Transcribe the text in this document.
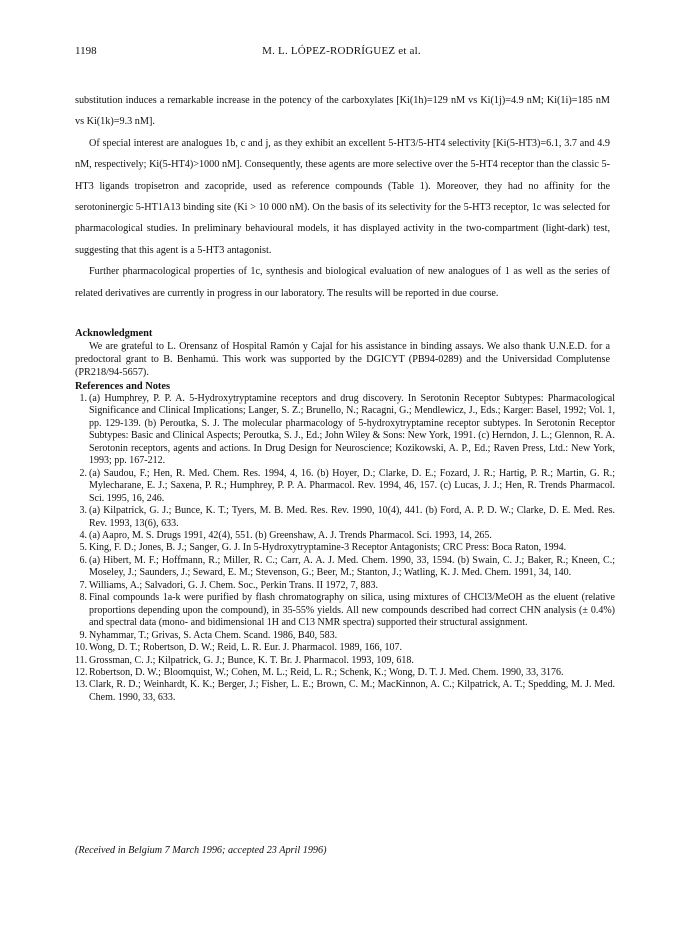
1198	M. L. LÓPEZ-RODRÍGUEZ et al.

substitution induces a remarkable increase in the potency of the carboxylates [Ki(1h)=129 nM vs Ki(1j)=4.9 nM; Ki(1i)=185 nM vs Ki(1k)=9.3 nM].

Of special interest are analogues 1b, c and j, as they exhibit an excellent 5-HT3/5-HT4 selectivity [Ki(5-HT3)=6.1, 3.7 and 4.9 nM, respectively; Ki(5-HT4)>1000 nM]. Consequently, these agents are more selective over the 5-HT4 receptor than the classic 5-HT3 ligands tropisetron and zacopride, used as reference compounds (Table 1). Moreover, they had no affinity for the serotoninergic 5-HT1A13 binding site (Ki > 10 000 nM). On the basis of its selectivity for the 5-HT3 receptor, 1c was selected for pharmacological studies. In preliminary behavioural models, it has displayed activity in the two-compartment (light-dark) test, suggesting that this agent is a 5-HT3 antagonist.

Further pharmacological properties of 1c, synthesis and biological evaluation of new analogues of 1 as well as the series of related derivatives are currently in progress in our laboratory. The results will be reported in due course.

Acknowledgment
We are grateful to L. Orensanz of Hospital Ramón y Cajal for his assistance in binding assays. We also thank U.N.E.D. for a predoctoral grant to B. Benhamú. This work was supported by the DGICYT (PB94-0289) and the Universidad Complutense (PR218/94-5657).
References and Notes
1. (a) Humphrey, P. P. A. 5-Hydroxytryptamine receptors and drug discovery. In Serotonin Receptor Subtypes: Pharmacological Significance and Clinical Implications; Langer, S. Z.; Brunello, N.; Racagni, G.; Mendlewicz, J., Eds.; Karger: Basel, 1992; Vol. 1, pp. 129-139. (b) Peroutka, S. J. The molecular pharmacology of 5-hydroxytryptamine receptor subtypes. In Serotonin Receptor Subtypes: Basic and Clinical Aspects; Peroutka, S. J., Ed.; John Wiley & Sons: New York, 1991. (c) Herndon, J. L.; Glennon, R. A. Serotonin receptors, agents and actions. In Drug Design for Neuroscience; Kozikowski, A. P., Ed.; Raven Press, Ltd.: New York, 1993; pp. 167-212.
2. (a) Saudou, F.; Hen, R. Med. Chem. Res. 1994, 4, 16. (b) Hoyer, D.; Clarke, D. E.; Fozard, J. R.; Hartig, P. R.; Martin, G. R.; Mylecharane, E. J.; Saxena, P. R.; Humphrey, P. P. A. Pharmacol. Rev. 1994, 46, 157. (c) Lucas, J. J.; Hen, R. Trends Pharmacol. Sci. 1995, 16, 246.
3. (a) Kilpatrick, G. J.; Bunce, K. T.; Tyers, M. B. Med. Res. Rev. 1990, 10(4), 441. (b) Ford, A. P. D. W.; Clarke, D. E. Med. Res. Rev. 1993, 13(6), 633.
4. (a) Aapro, M. S. Drugs 1991, 42(4), 551. (b) Greenshaw, A. J. Trends Pharmacol. Sci. 1993, 14, 265.
5. King, F. D.; Jones, B. J.; Sanger, G. J. In 5-Hydroxytryptamine-3 Receptor Antagonists; CRC Press: Boca Raton, 1994.
6. (a) Hibert, M. F.; Hoffmann, R.; Miller, R. C.; Carr, A. A. J. Med. Chem. 1990, 33, 1594. (b) Swain, C. J.; Baker, R.; Kneen, C.; Moseley, J.; Saunders, J.; Seward, E. M.; Stevenson, G.; Beer, M.; Stanton, J.; Watling, K. J. Med. Chem. 1991, 34, 140.
7. Williams, A.; Salvadori, G. J. Chem. Soc., Perkin Trans. II 1972, 7, 883.
8. Final compounds 1a-k were purified by flash chromatography on silica, using mixtures of CHCl3/MeOH as the eluent (relative proportions depending upon the compound), in 35-55% yields. All new compounds described had correct CHN analysis (± 0.4%) and spectral data (mono- and bidimensional 1H and C13 NMR spectra) supported their structural assignment.
9. Nyhammar, T.; Grivas, S. Acta Chem. Scand. 1986, B40, 583.
10. Wong, D. T.; Robertson, D. W.; Reid, L. R. Eur. J. Pharmacol. 1989, 166, 107.
11. Grossman, C. J.; Kilpatrick, G. J.; Bunce, K. T. Br. J. Pharmacol. 1993, 109, 618.
12. Robertson, D. W.; Bloomquist, W.; Cohen, M. L.; Reid, L. R.; Schenk, K.; Wong, D. T. J. Med. Chem. 1990, 33, 3176.
13. Clark, R. D.; Weinhardt, K. K.; Berger, J.; Fisher, L. E.; Brown, C. M.; MacKinnon, A. C.; Kilpatrick, A. T.; Spedding, M. J. Med. Chem. 1990, 33, 633.
(Received in Belgium 7 March 1996; accepted 23 April 1996)
